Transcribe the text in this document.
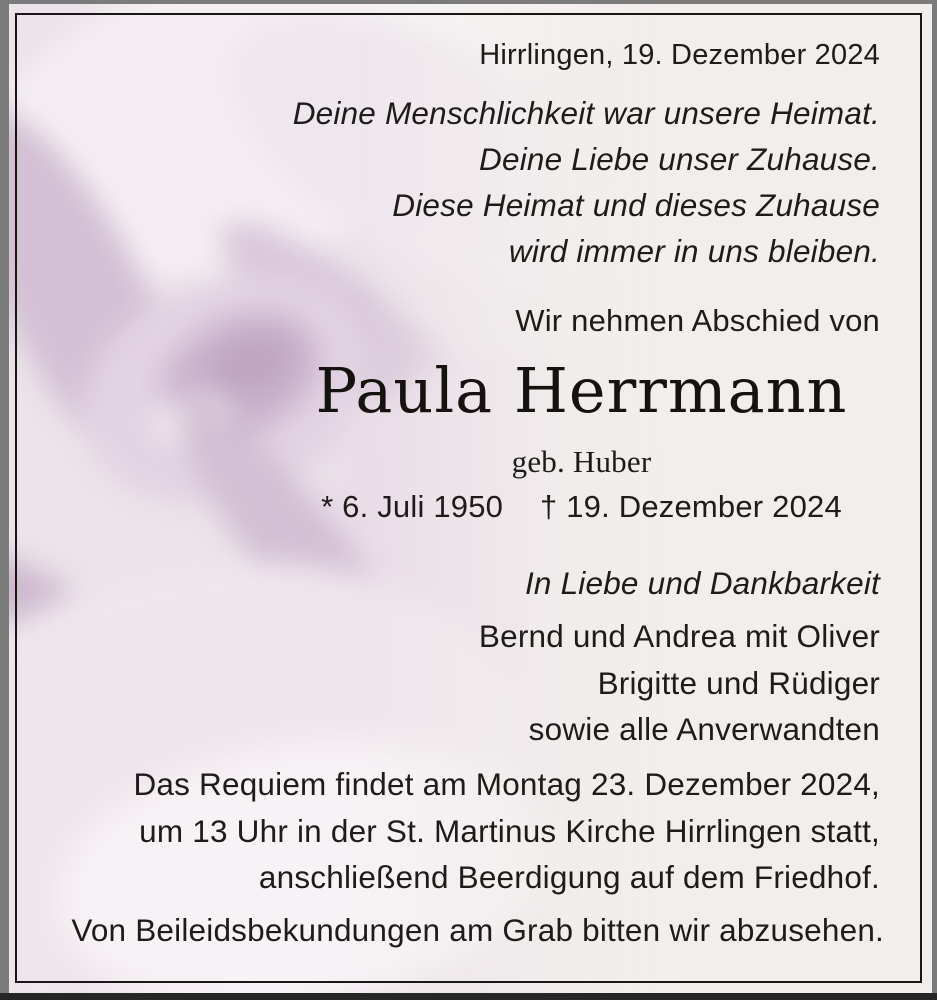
Hirrlingen, 19. Dezember 2024
Deine Menschlichkeit war unsere Heimat.
Deine Liebe unser Zuhause.
Diese Heimat und dieses Zuhause
wird immer in uns bleiben.
Wir nehmen Abschied von
Paula Herrmann
geb. Huber
* 6. Juli 1950 † 19. Dezember 2024
In Liebe und Dankbarkeit
Bernd und Andrea mit Oliver
Brigitte und Rüdiger
sowie alle Anverwandten
Das Requiem findet am Montag 23. Dezember 2024,
um 13 Uhr in der St. Martinus Kirche Hirrlingen statt,
anschließend Beerdigung auf dem Friedhof.
Von Beileidsbekundungen am Grab bitten wir abzusehen.
